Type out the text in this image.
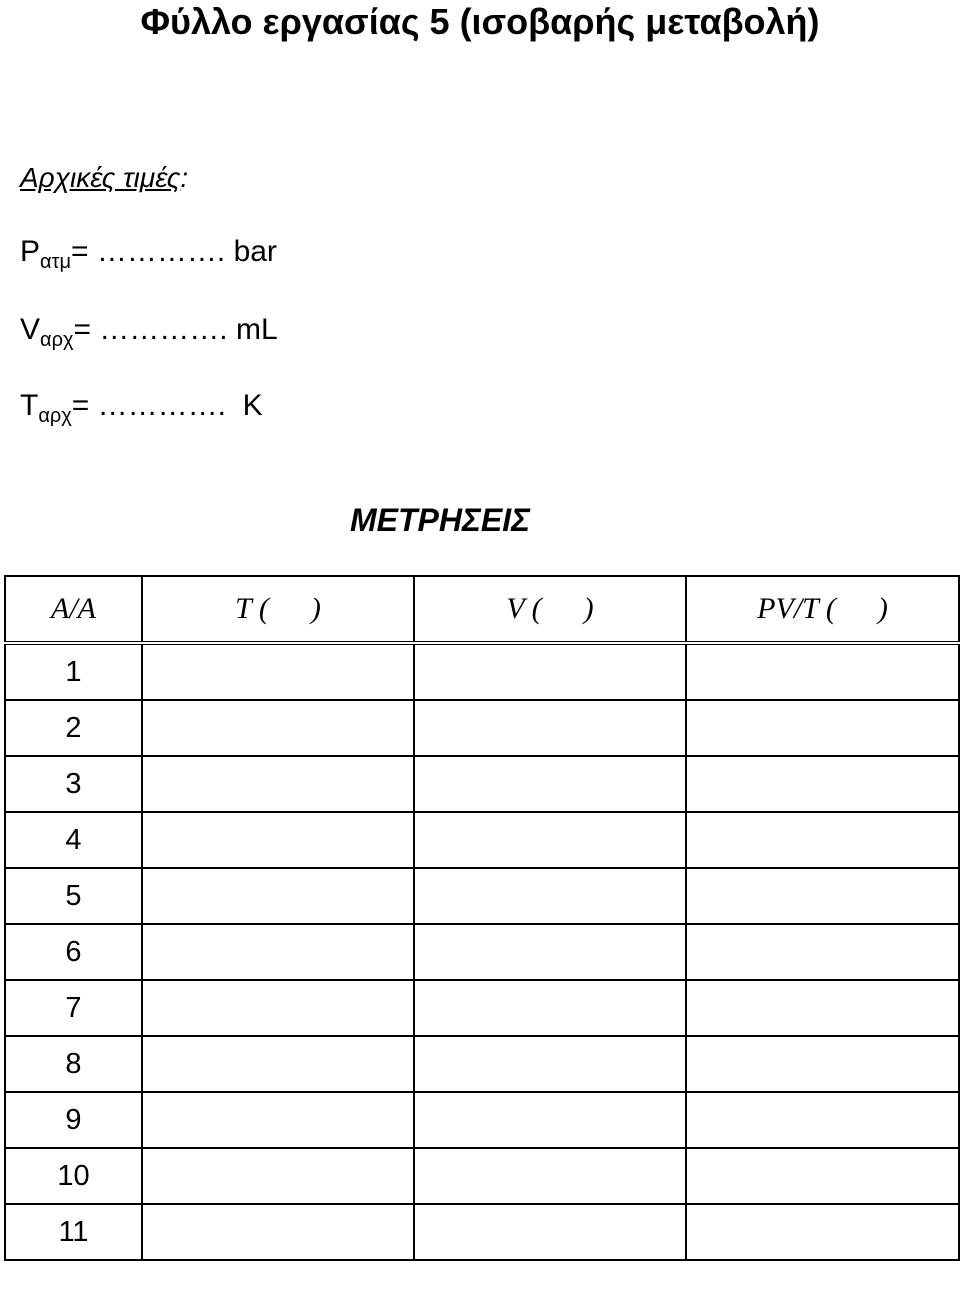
Φύλλο εργασίας 5 (ισοβαρής μεταβολή)
Αρχικές τιμές:
$P_{\alpha\tau\mu}=$ …………. bar
$V_{\alpha\rho\chi}=$ …………. mL
$T_{\alpha\rho\chi}=$ …………. K
ΜΕΤΡΗΣΕΙΣ
Α/Α	T ( )	V ( )	PV/T ( )
1			
2			
3			
4			
5			
6			
7			
8			
9			
10			
11			
